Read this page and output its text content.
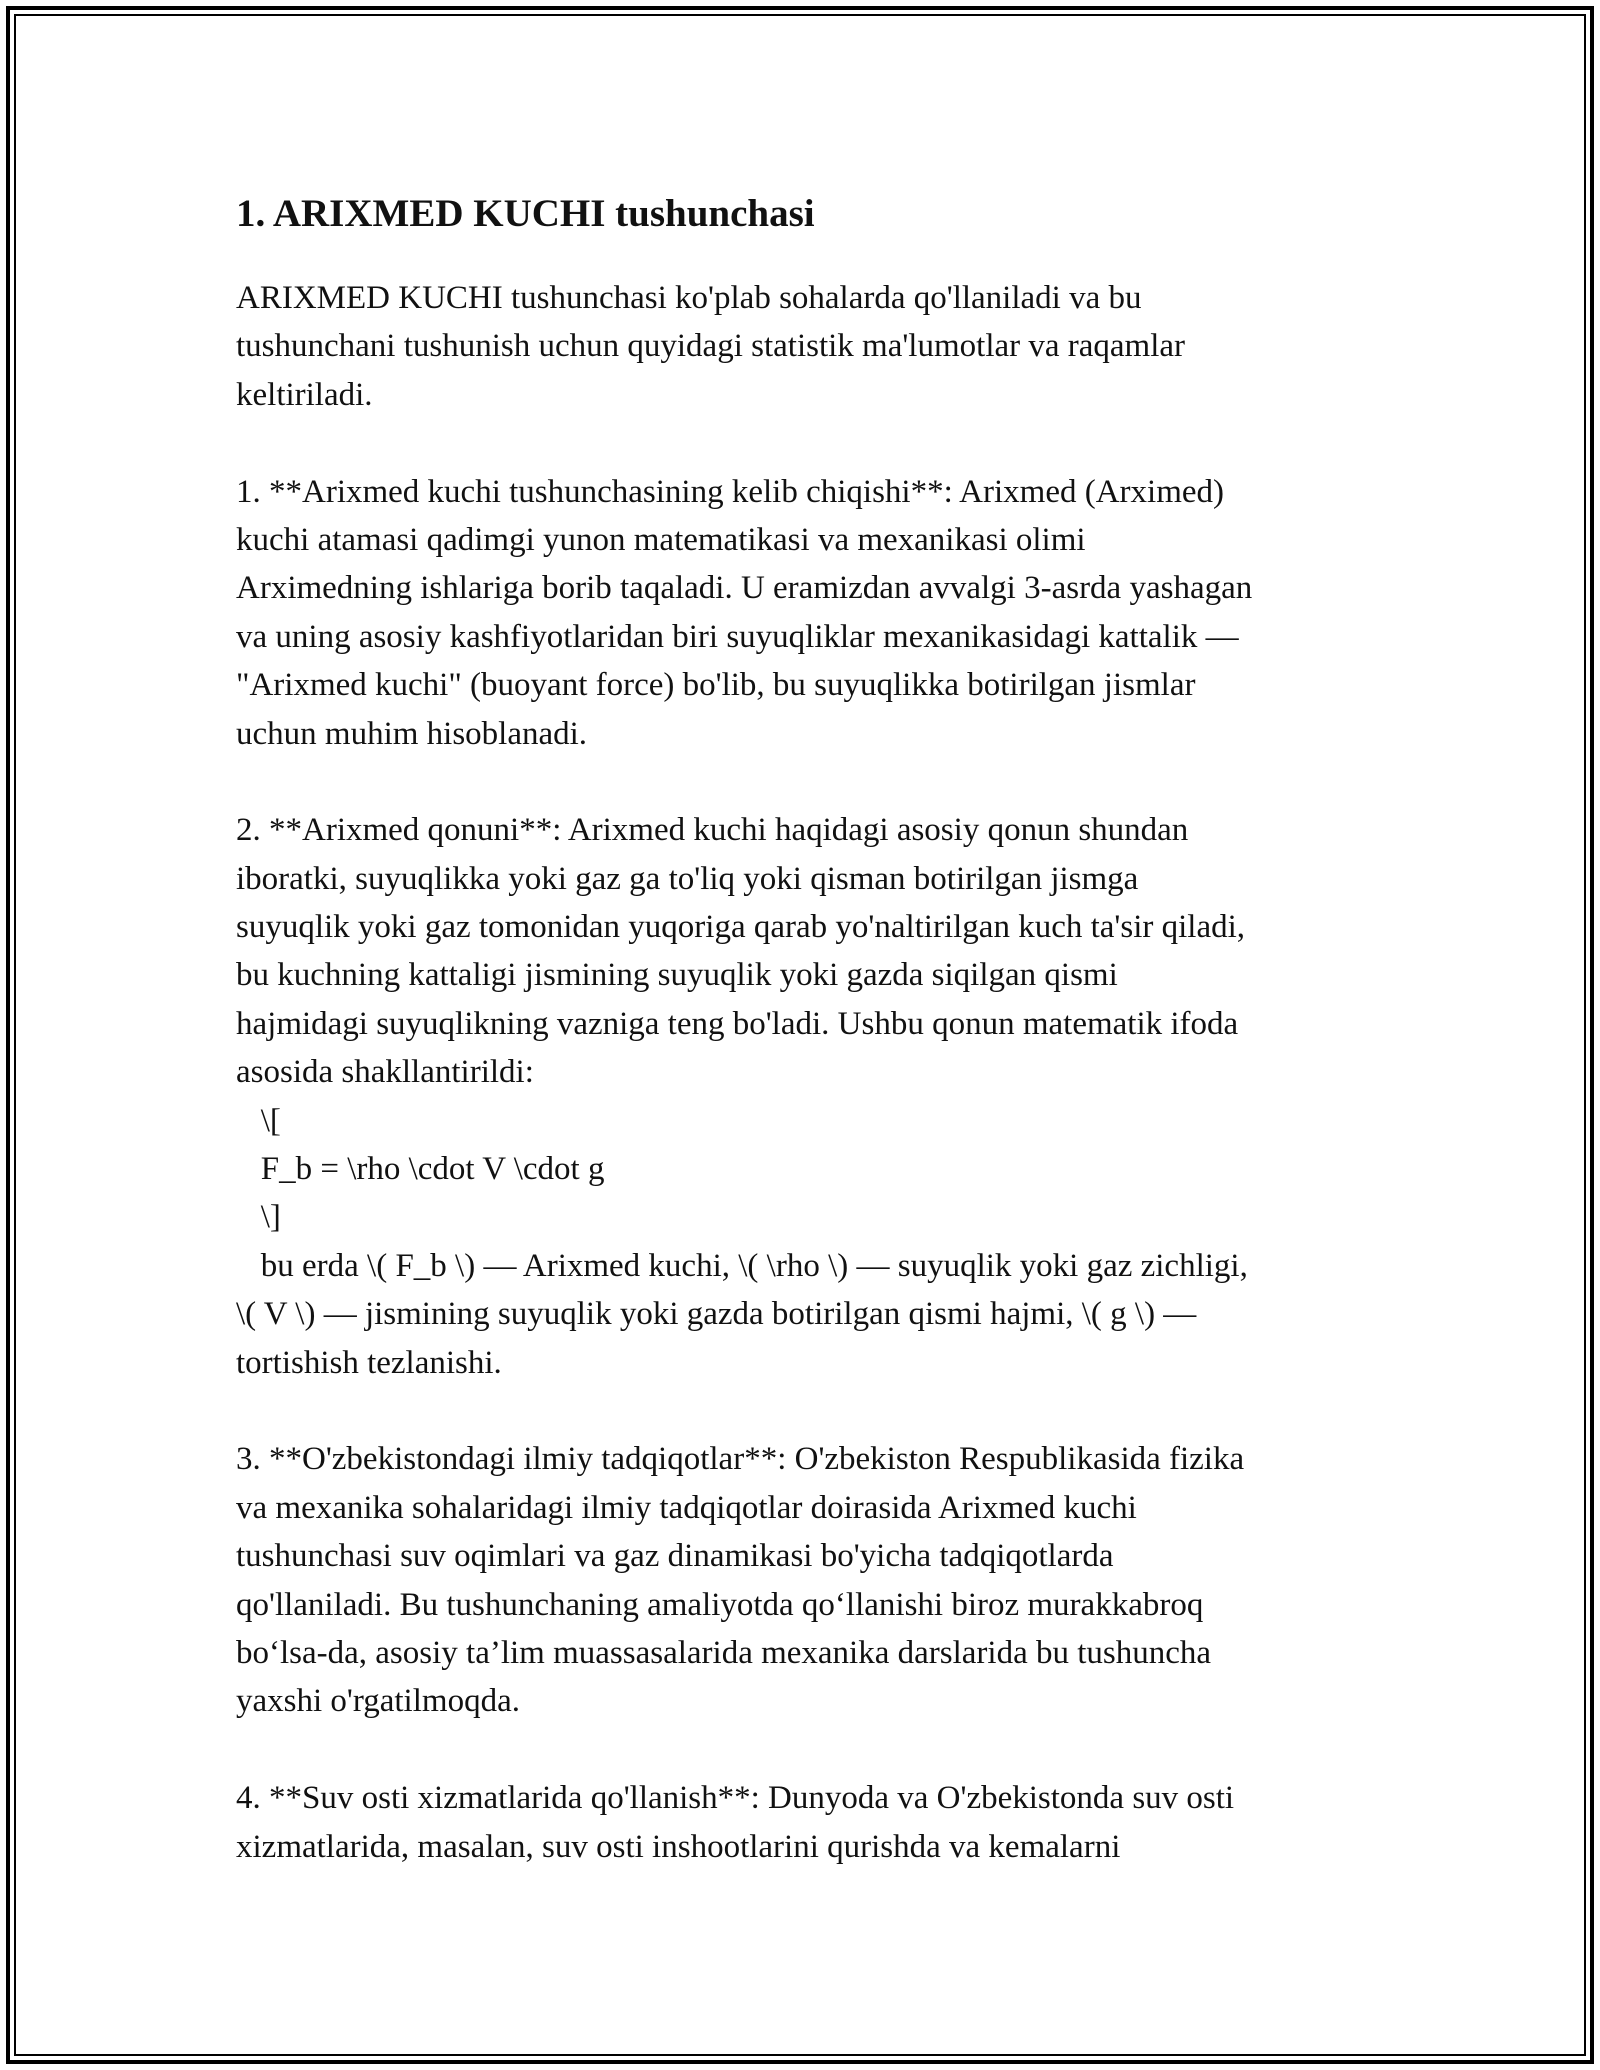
1. ARIXMED KUCHI tushunchasi
ARIXMED KUCHI tushunchasi ko'plab sohalarda qo'llaniladi va bu
tushunchani tushunish uchun quyidagi statistik ma'lumotlar va raqamlar
keltiriladi.
1. **Arixmed kuchi tushunchasining kelib chiqishi**: Arixmed (Arximed)
kuchi atamasi qadimgi yunon matematikasi va mexanikasi olimi
Arximedning ishlariga borib taqaladi. U eramizdan avvalgi 3-asrda yashagan
va uning asosiy kashfiyotlaridan biri suyuqliklar mexanikasidagi kattalik —
"Arixmed kuchi" (buoyant force) bo'lib, bu suyuqlikka botirilgan jismlar
uchun muhim hisoblanadi.
2. **Arixmed qonuni**: Arixmed kuchi haqidagi asosiy qonun shundan
iboratki, suyuqlikka yoki gaz ga to'liq yoki qisman botirilgan jismga
suyuqlik yoki gaz tomonidan yuqoriga qarab yo'naltirilgan kuch ta'sir qiladi,
bu kuchning kattaligi jismining suyuqlik yoki gazda siqilgan qismi
hajmidagi suyuqlikning vazniga teng bo'ladi. Ushbu qonun matematik ifoda
asosida shakllantirildi:
\[
F_b = \rho \cdot V \cdot g
\]
bu erda \( F_b \) — Arixmed kuchi, \( \rho \) — suyuqlik yoki gaz zichligi,
\( V \) — jismining suyuqlik yoki gazda botirilgan qismi hajmi, \( g \) —
tortishish tezlanishi.
3. **O'zbekistondagi ilmiy tadqiqotlar**: O'zbekiston Respublikasida fizika
va mexanika sohalaridagi ilmiy tadqiqotlar doirasida Arixmed kuchi
tushunchasi suv oqimlari va gaz dinamikasi bo'yicha tadqiqotlarda
qo'llaniladi. Bu tushunchaning amaliyotda qo‘llanishi biroz murakkabroq
bo‘lsa-da, asosiy ta’lim muassasalarida mexanika darslarida bu tushuncha
yaxshi o'rgatilmoqda.
4. **Suv osti xizmatlarida qo'llanish**: Dunyoda va O'zbekistonda suv osti
xizmatlarida, masalan, suv osti inshootlarini qurishda va kemalarni
